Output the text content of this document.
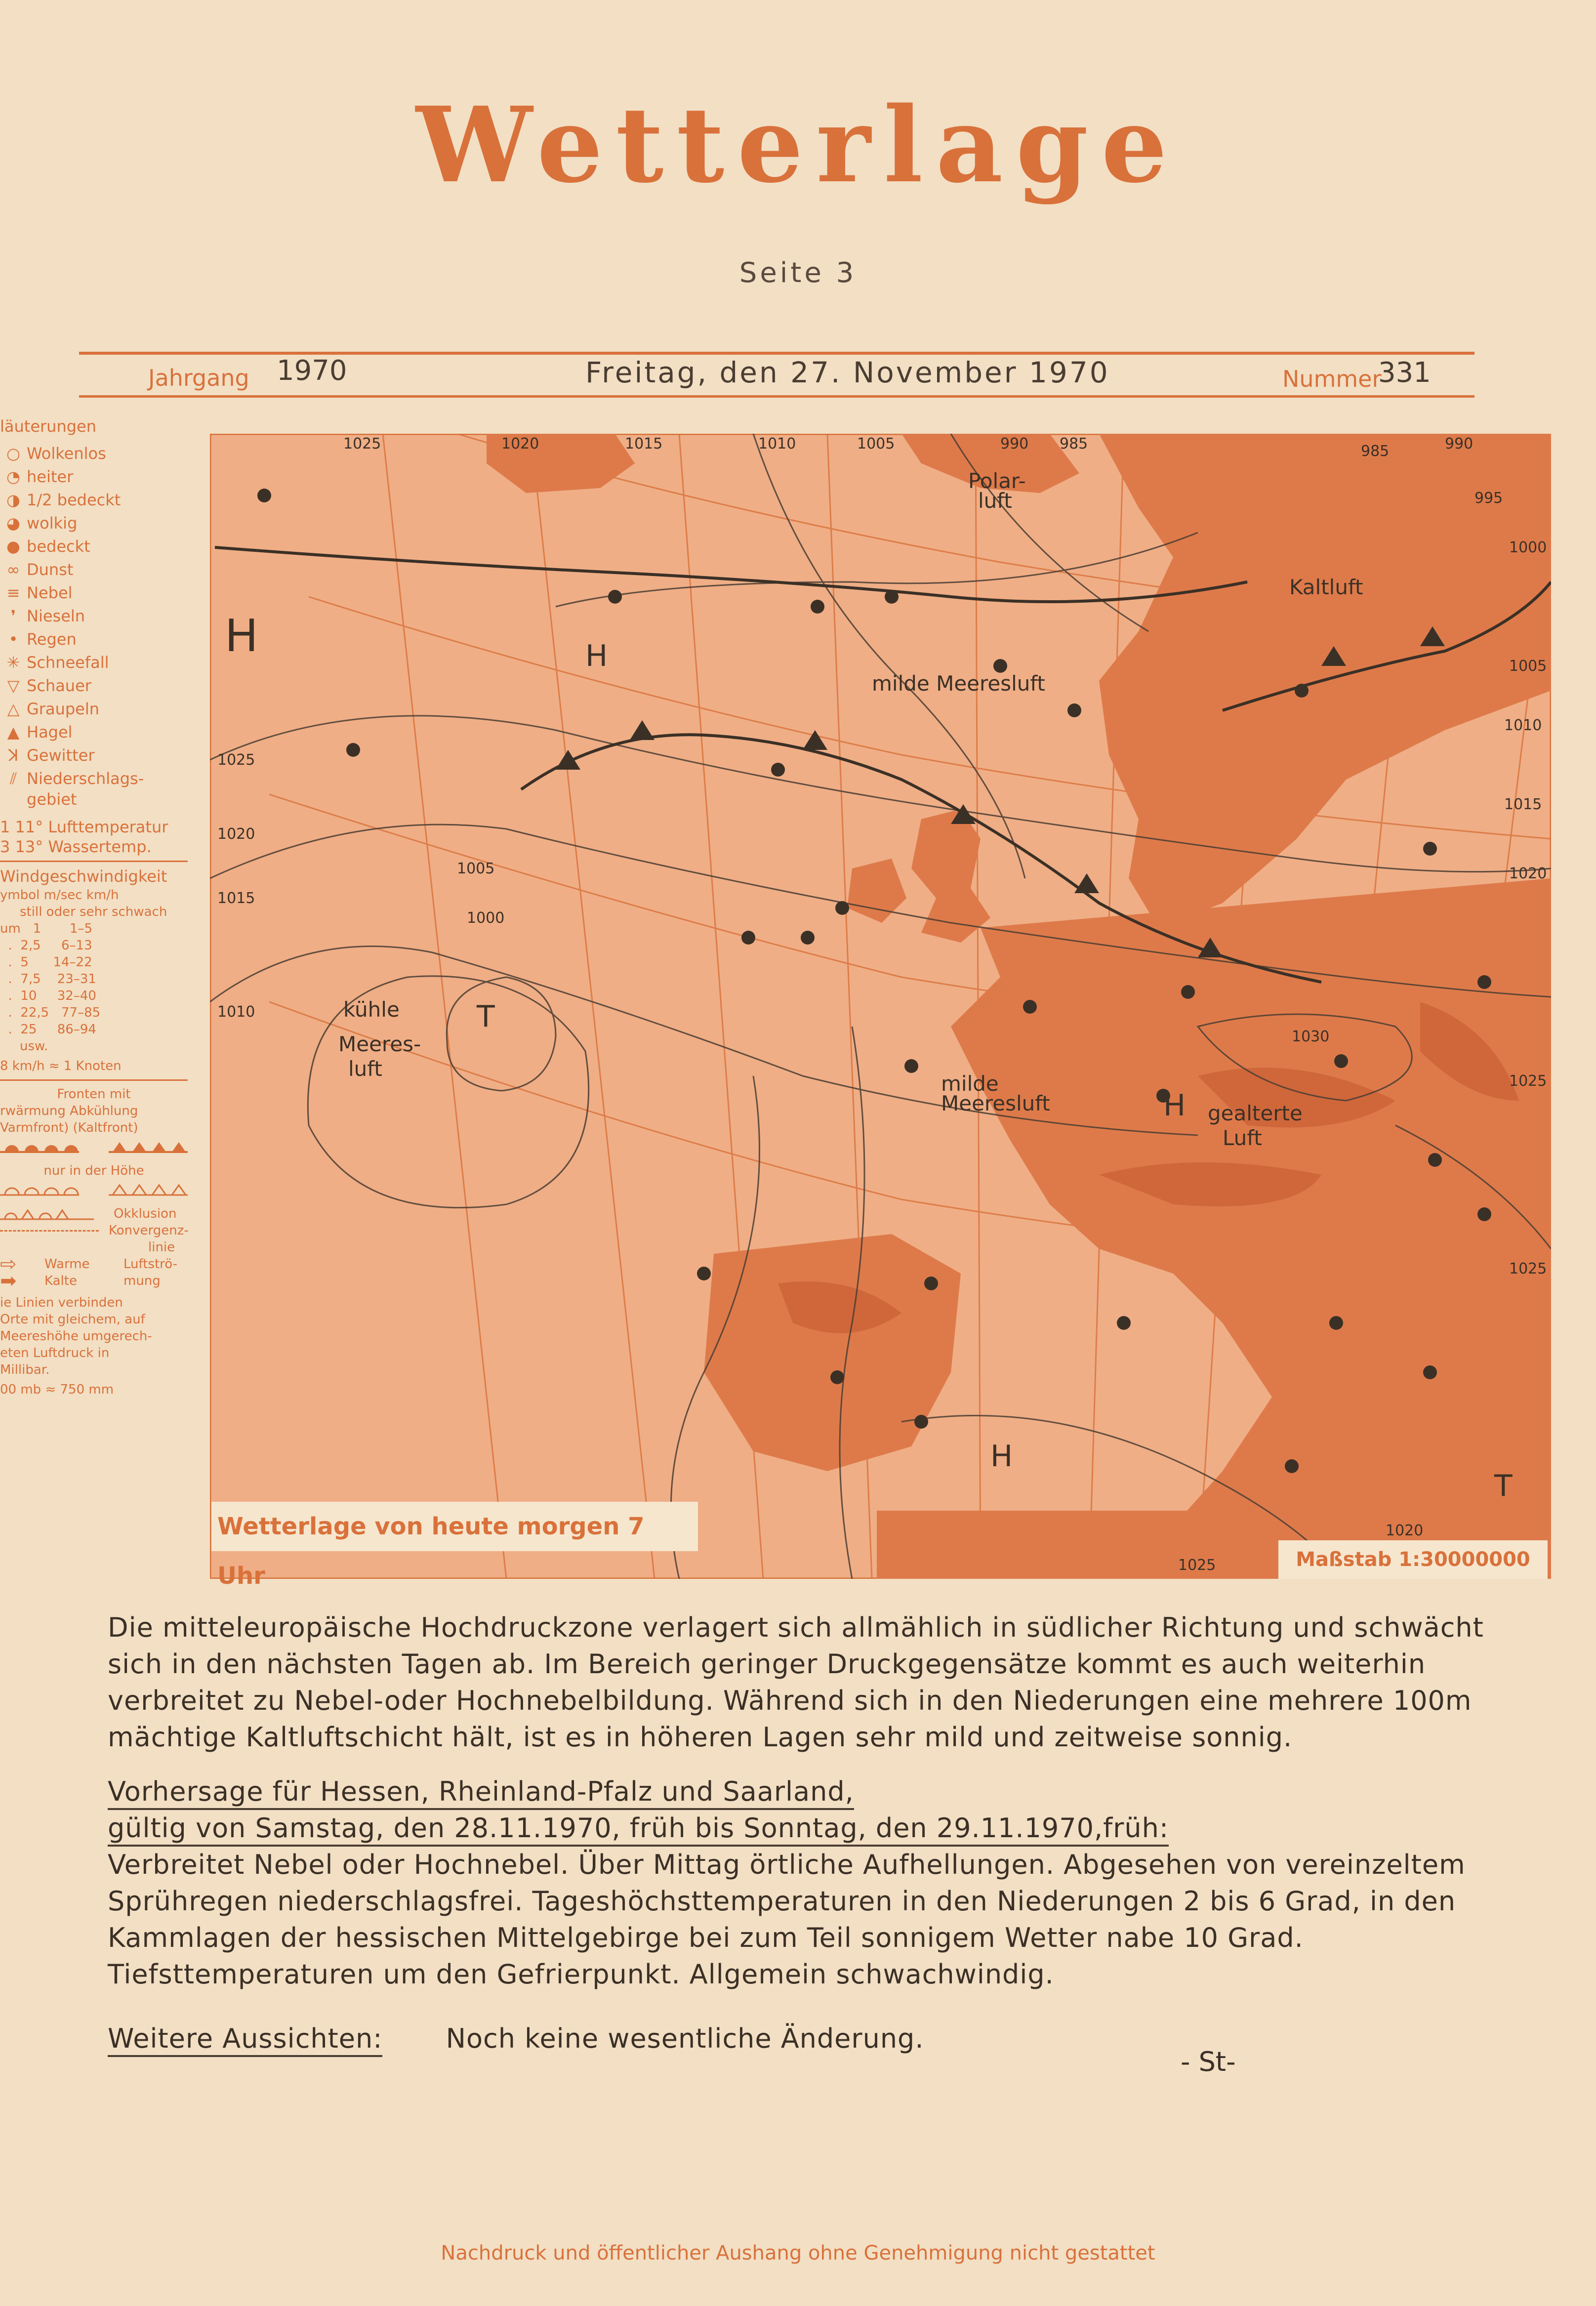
Wetterlage
Seite 3
Jahrgang 1970	Freitag, den 27. November 1970	Nummer
331
läuterungen
○ Wolkenlos
◔ heiter
◑ 1/2 bedeckt
◕ wolkig
● bedeckt
∞ Dunst
≡ Nebel
❜ Nieseln
• Regen
✳ Schneefall
▽ Schauer
△ Graupeln
▲ Hagel
ꓘ Gewitter
⫽ Niederschlags-
gebiet
1 11° Lufttemperatur
3 13° Wassertemp.
Windgeschwindigkeit
ymbol m/sec km/h
still oder sehr schwach
um   1       1–5
.  2,5     6–13
.  5      14–22
.  7,5    23–31
.  10     32–40
.  22,5   77–85
.  25     86–94
usw.
8 km/h ≈ 1 Knoten
Fronten mit
rwärmung Abkühlung
Varmfront) (Kaltfront)
nur in der Höhe
Okklusion
Konvergenz-
linie
⇨	Warme	Luftströ-
➡	Kalte	mung
ie Linien verbinden
Orte mit gleichem, auf
Meereshöhe umgerech-
eten Luftdruck in
Millibar.
00 mb ≈ 750 mm
H	H
T
H
H
T
Polar-
luft
Kaltluft
milde Meeresluft
kühle
Meeres-
luft
milde
Meeresluft	gealterte
Luft
1025	1020	1015	1010	1005	990 985	985	990
995
1000
1005
1010
1015
1020
1025
1020
1015
1010
1005
1000
1030
1025
1025
1020
1025
Wetterlage von heute morgen 7 Uhr
Maßstab 1:30000000
Die mitteleuropäische Hochdruckzone verlagert sich allmählich in südlicher Richtung und schwächt sich in den nächsten Tagen ab. Im Bereich geringer Druckgegensätze kommt es auch weiterhin verbreitet zu Nebel-oder Hochnebelbildung. Während sich in den Niederungen eine mehrere 100m mächtige Kaltluftschicht hält, ist es in höheren Lagen sehr mild und zeitweise sonnig.
Vorhersage für Hessen, Rheinland-Pfalz und Saarland,
gültig von Samstag, den 28.11.1970, früh bis Sonntag, den 29.11.1970,früh:
Verbreitet Nebel oder Hochnebel. Über Mittag örtliche Aufhellungen. Abgesehen von vereinzeltem Sprühregen niederschlagsfrei. Tageshöchsttemperaturen in den Niederungen 2 bis 6 Grad, in den Kammlagen der hessischen Mittelgebirge bei zum Teil sonnigem Wetter nabe 10 Grad. Tiefsttemperaturen um den Gefrierpunkt. Allgemein schwachwindig.
Weitere Aussichten: Noch keine wesentliche Änderung.
- St-
Nachdruck und öffentlicher Aushang ohne Genehmigung nicht gestattet
